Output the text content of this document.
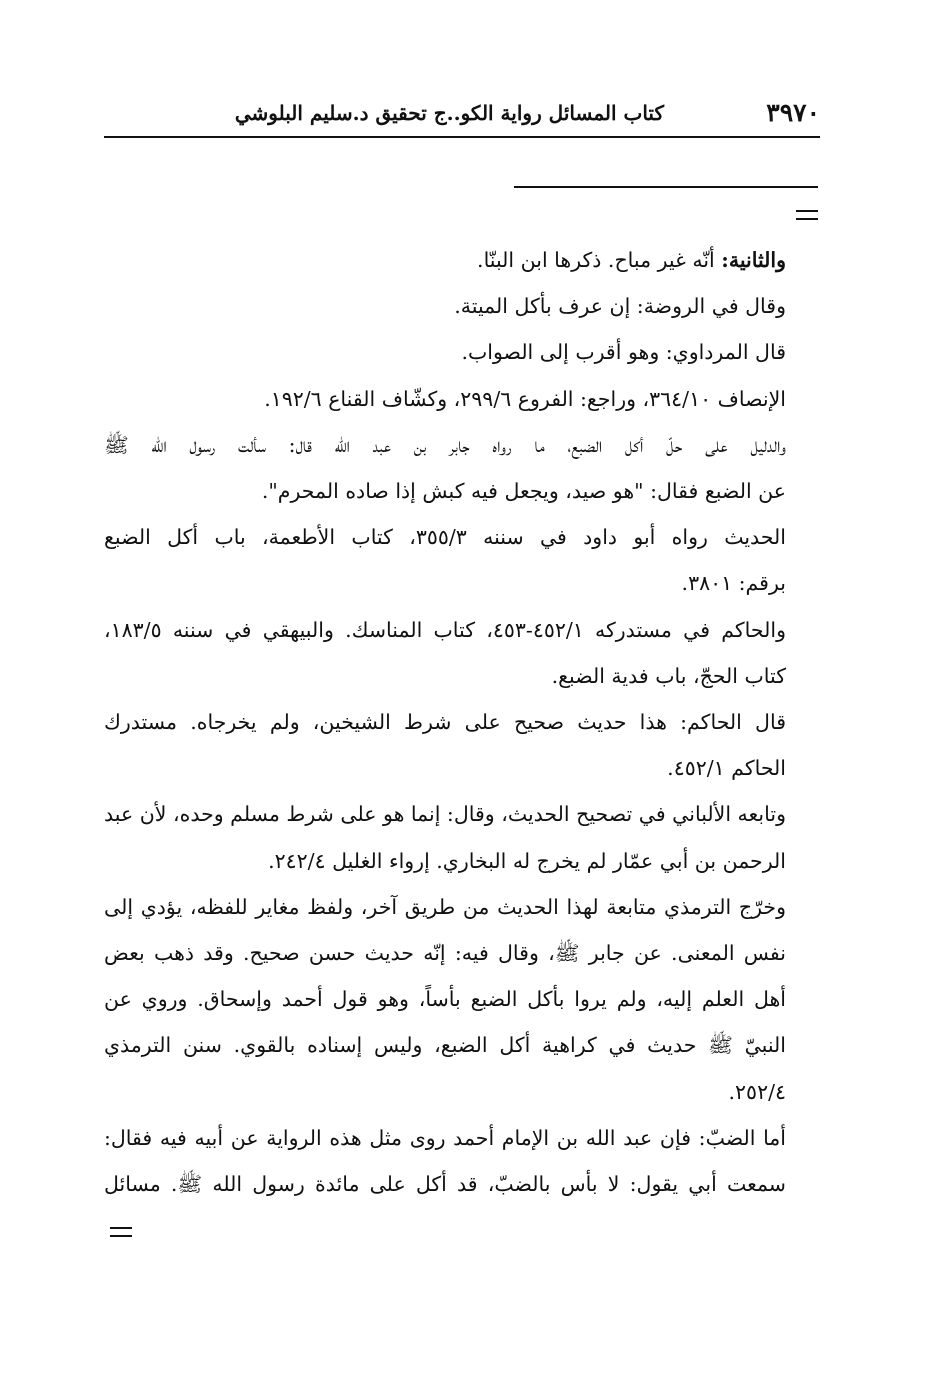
٣٩٧٠
كتاب المسائل رواية الكو..ج تحقيق د.سليم البلوشي
والثانية: أنّه غير مباح. ذكرها ابن البنّا.
وقال في الروضة: إن عرف بأكل الميتة.
قال المرداوي: وهو أقرب إلى الصواب.
الإنصاف ٣٦٤/١٠، وراجع: الفروع ٢٩٩/٦، وكشّاف القناع ١٩٢/٦.
والدليل على حلّ أكل الضبع، ما رواه جابر بن عبد الله قال: سألت رسول الله ﷺ
عن الضبع فقال: "هو صيد، ويجعل فيه كبش إذا صاده المحرم".
الحديث رواه أبو داود في سننه ٣٥٥/٣، كتاب الأطعمة، باب أكل الضبع
برقم: ٣٨٠١.
والحاكم في مستدركه ٤٥٢/١-٤٥٣، كتاب المناسك. والبيهقي في سننه ١٨٣/٥،
كتاب الحجّ، باب فدية الضبع.
قال الحاكم: هذا حديث صحيح على شرط الشيخين، ولم يخرجاه. مستدرك
الحاكم ٤٥٢/١.
وتابعه الألباني في تصحيح الحديث، وقال: إنما هو على شرط مسلم وحده، لأن عبد
الرحمن بن أبي عمّار لم يخرج له البخاري. إرواء الغليل ٢٤٢/٤.
وخرّج الترمذي متابعة لهذا الحديث من طريق آخر، ولفظ مغاير للفظه، يؤدي إلى
نفس المعنى. عن جابر ﷺ، وقال فيه: إنّه حديث حسن صحيح. وقد ذهب بعض
أهل العلم إليه، ولم يروا بأكل الضبع بأساً، وهو قول أحمد وإسحاق. وروي عن
النبيّ ﷺ حديث في كراهية أكل الضبع، وليس إسناده بالقوي. سنن الترمذي
٢٥٢/٤.
أما الضبّ: فإن عبد الله بن الإمام أحمد روى مثل هذه الرواية عن أبيه فيه فقال:
سمعت أبي يقول: لا بأس بالضبّ، قد أكل على مائدة رسول الله ﷺ. مسائل
